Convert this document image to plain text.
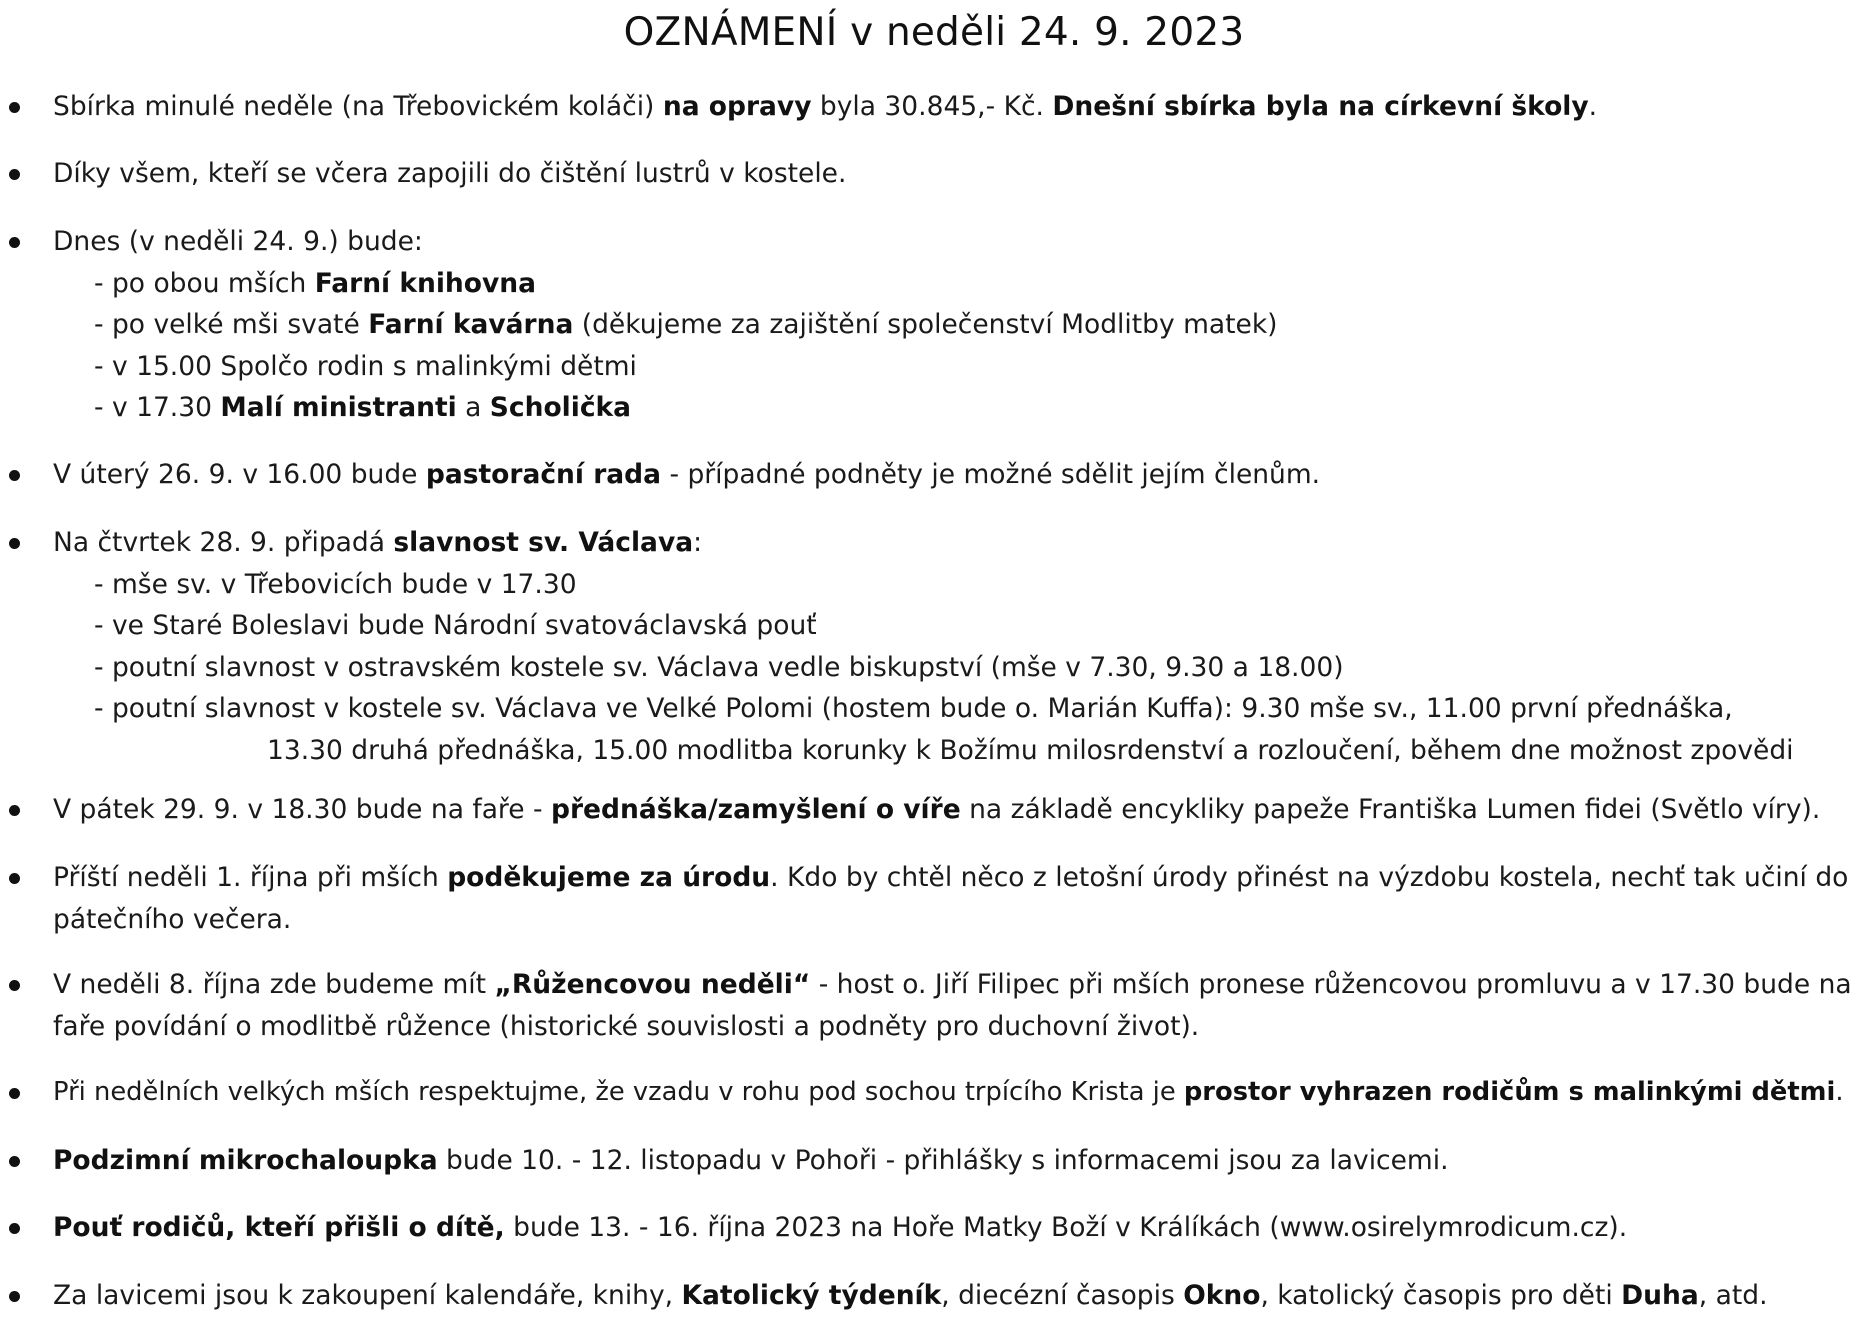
OZNÁMENÍ v neděli 24. 9. 2023
Sbírka minulé neděle (na Třebovickém koláči) na opravy byla 30.845,- Kč. Dnešní sbírka byla na církevní školy.
Díky všem, kteří se včera zapojili do čištění lustrů v kostele.
Dnes (v neděli 24. 9.) bude:
- po obou mších Farní knihovna
- po velké mši svaté Farní kavárna (děkujeme za zajištění společenství Modlitby matek)
- v 15.00 Spolčo rodin s malinkými dětmi
- v 17.30 Malí ministranti a Scholička
V úterý 26. 9. v 16.00 bude pastorační rada - případné podněty je možné sdělit jejím členům.
Na čtvrtek 28. 9. připadá slavnost sv. Václava:
- mše sv. v Třebovicích bude v 17.30
- ve Staré Boleslavi bude Národní svatováclavská pouť
- poutní slavnost v ostravském kostele sv. Václava vedle biskupství (mše v 7.30, 9.30 a 18.00)
- poutní slavnost v kostele sv. Václava ve Velké Polomi (hostem bude o. Marián Kuffa): 9.30 mše sv., 11.00 první přednáška,
13.30 druhá přednáška, 15.00 modlitba korunky k Božímu milosrdenství a rozloučení, během dne možnost zpovědi
V pátek 29. 9. v 18.30 bude na faře - přednáška/zamyšlení o víře na základě encykliky papeže Františka Lumen fidei (Světlo víry).
Příští neděli 1. října při mších poděkujeme za úrodu. Kdo by chtěl něco z letošní úrody přinést na výzdobu kostela, nechť tak učiní do
pátečního večera.
V neděli 8. října zde budeme mít „Růžencovou neděli“ - host o. Jiří Filipec při mších pronese růžencovou promluvu a v 17.30 bude na
faře povídání o modlitbě růžence (historické souvislosti a podněty pro duchovní život).
Při nedělních velkých mších respektujme, že vzadu v rohu pod sochou trpícího Krista je prostor vyhrazen rodičům s malinkými dětmi.
Podzimní mikrochaloupka bude 10. - 12. listopadu v Pohoři - přihlášky s informacemi jsou za lavicemi.
Pouť rodičů, kteří přišli o dítě, bude 13. - 16. října 2023 na Hoře Matky Boží v Králíkách (www.osirelymrodicum.cz).
Za lavicemi jsou k zakoupení kalendáře, knihy, Katolický týdeník, diecézní časopis Okno, katolický časopis pro děti Duha, atd.
